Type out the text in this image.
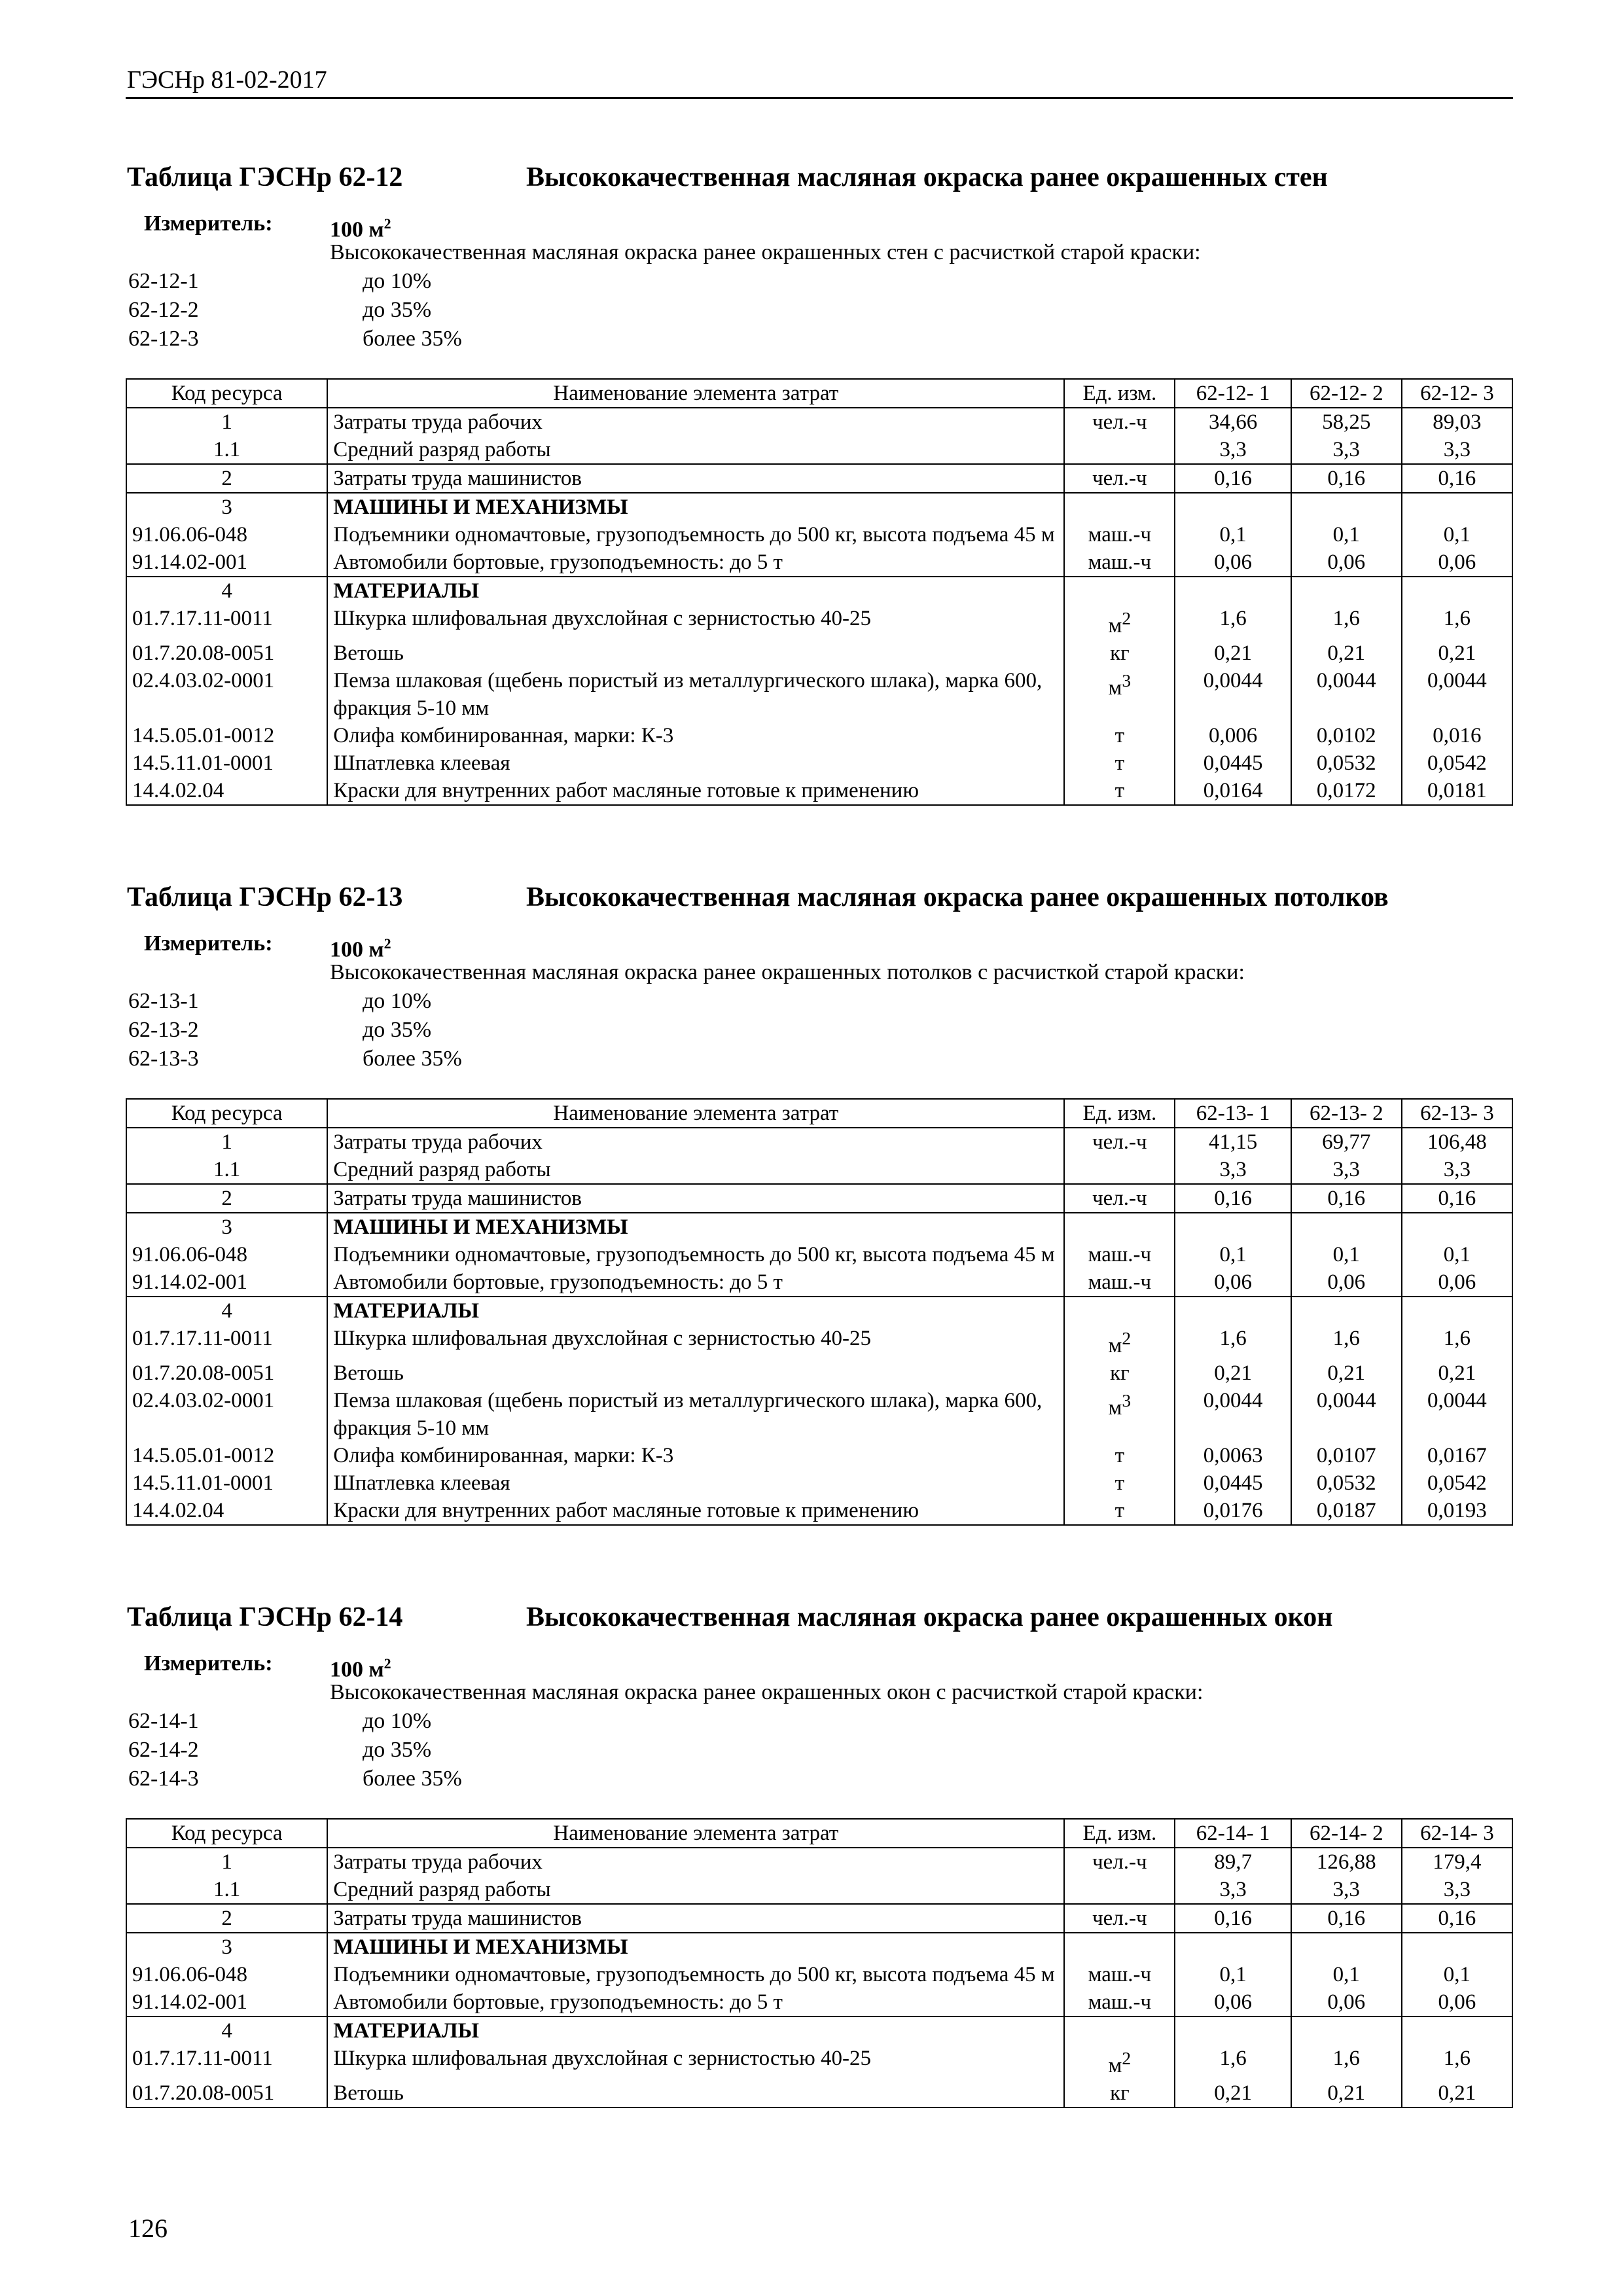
ГЭСНр 81-02-2017
Таблица ГЭСНр 62-12	Высококачественная масляная окраска ранее окрашенных стен
Измеритель:	100 $м^2$
Высококачественная масляная окраска ранее окрашенных стен с расчисткой старой краски:
62-12-1	до 10%
62-12-2	до 35%
62-12-3	более 35%
Код ресурса	Наименование элемента затрат	Ед. изм.	62-12- 1	62-12- 2	62-12- 3
1	Затраты труда рабочих	чел.-ч	34,66	58,25	89,03
1.1	Средний разряд работы		3,3	3,3	3,3
2	Затраты труда машинистов	чел.-ч	0,16	0,16	0,16
3	МАШИНЫ И МЕХАНИЗМЫ				
91.06.06-048	Подъемники одномачтовые, грузоподъемность до 500 кг, высота подъема 45 м	маш.-ч	0,1	0,1	0,1
91.14.02-001	Автомобили бортовые, грузоподъемность: до 5 т	маш.-ч	0,06	0,06	0,06
4	МАТЕРИАЛЫ				
01.7.17.11-0011	Шкурка шлифовальная двухслойная с зернистостью 40-25	$м^2$	1,6	1,6	1,6
01.7.20.08-0051	Ветошь	кг	0,21	0,21	0,21
02.4.03.02-0001	Пемза шлаковая (щебень пористый из металлургического шлака), марка 600, фракция 5-10 мм	$м^3$	0,0044	0,0044	0,0044
14.5.05.01-0012	Олифа комбинированная, марки: К-3	т	0,006	0,0102	0,016
14.5.11.01-0001	Шпатлевка клеевая	т	0,0445	0,0532	0,0542
14.4.02.04	Краски для внутренних работ масляные готовые к применению	т	0,0164	0,0172	0,0181
Таблица ГЭСНр 62-13	Высококачественная масляная окраска ранее окрашенных потолков
Измеритель:	100 $м^2$
Высококачественная масляная окраска ранее окрашенных потолков с расчисткой старой краски:
62-13-1	до 10%
62-13-2	до 35%
62-13-3	более 35%
Код ресурса	Наименование элемента затрат	Ед. изм.	62-13- 1	62-13- 2	62-13- 3
1	Затраты труда рабочих	чел.-ч	41,15	69,77	106,48
1.1	Средний разряд работы		3,3	3,3	3,3
2	Затраты труда машинистов	чел.-ч	0,16	0,16	0,16
3	МАШИНЫ И МЕХАНИЗМЫ				
91.06.06-048	Подъемники одномачтовые, грузоподъемность до 500 кг, высота подъема 45 м	маш.-ч	0,1	0,1	0,1
91.14.02-001	Автомобили бортовые, грузоподъемность: до 5 т	маш.-ч	0,06	0,06	0,06
4	МАТЕРИАЛЫ				
01.7.17.11-0011	Шкурка шлифовальная двухслойная с зернистостью 40-25	$м^2$	1,6	1,6	1,6
01.7.20.08-0051	Ветошь	кг	0,21	0,21	0,21
02.4.03.02-0001	Пемза шлаковая (щебень пористый из металлургического шлака), марка 600, фракция 5-10 мм	$м^3$	0,0044	0,0044	0,0044
14.5.05.01-0012	Олифа комбинированная, марки: К-3	т	0,0063	0,0107	0,0167
14.5.11.01-0001	Шпатлевка клеевая	т	0,0445	0,0532	0,0542
14.4.02.04	Краски для внутренних работ масляные готовые к применению	т	0,0176	0,0187	0,0193
Таблица ГЭСНр 62-14	Высококачественная масляная окраска ранее окрашенных окон
Измеритель:	100 $м^2$
Высококачественная масляная окраска ранее окрашенных окон с расчисткой старой краски:
62-14-1	до 10%
62-14-2	до 35%
62-14-3	более 35%
Код ресурса	Наименование элемента затрат	Ед. изм.	62-14- 1	62-14- 2	62-14- 3
1	Затраты труда рабочих	чел.-ч	89,7	126,88	179,4
1.1	Средний разряд работы		3,3	3,3	3,3
2	Затраты труда машинистов	чел.-ч	0,16	0,16	0,16
3	МАШИНЫ И МЕХАНИЗМЫ				
91.06.06-048	Подъемники одномачтовые, грузоподъемность до 500 кг, высота подъема 45 м	маш.-ч	0,1	0,1	0,1
91.14.02-001	Автомобили бортовые, грузоподъемность: до 5 т	маш.-ч	0,06	0,06	0,06
4	МАТЕРИАЛЫ				
01.7.17.11-0011	Шкурка шлифовальная двухслойная с зернистостью 40-25	$м^2$	1,6	1,6	1,6
01.7.20.08-0051	Ветошь	кг	0,21	0,21	0,21
126
